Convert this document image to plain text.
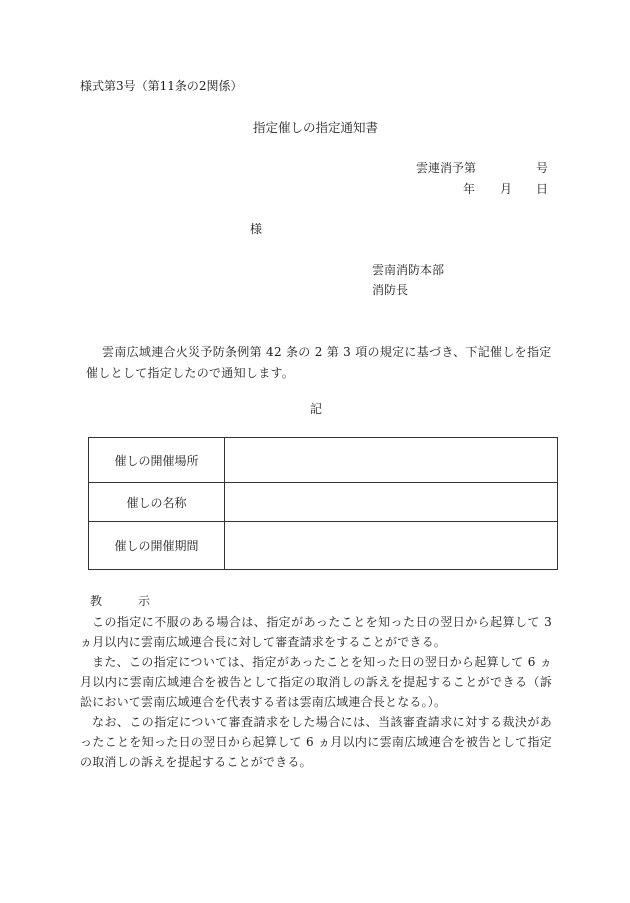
様式第3号（第11条の2関係）
指定催しの指定通知書
雲連消予第	号
年 月 日
様
雲南消防本部
消防長

雲南広域連合火災予防条例第 42 条の 2 第 3 項の規定に基づき、下記催しを指定催しとして指定したので通知します。

記
催しの開催場所	
催しの名称	
催しの開催期間	
教　示

この指定に不服のある場合は、指定があったことを知った日の翌日から起算して 3 ヵ月以内に雲南広域連合長に対して審査請求をすることができる。

また、この指定については、指定があったことを知った日の翌日から起算して 6 ヵ月以内に雲南広域連合を被告として指定の取消しの訴えを提起することができる（訴訟において雲南広域連合を代表する者は雲南広域連合長となる。）。

なお、この指定について審査請求をした場合には、当該審査請求に対する裁決があったことを知った日の翌日から起算して 6 ヵ月以内に雲南広域連合を被告として指定の取消しの訴えを提起することができる。
